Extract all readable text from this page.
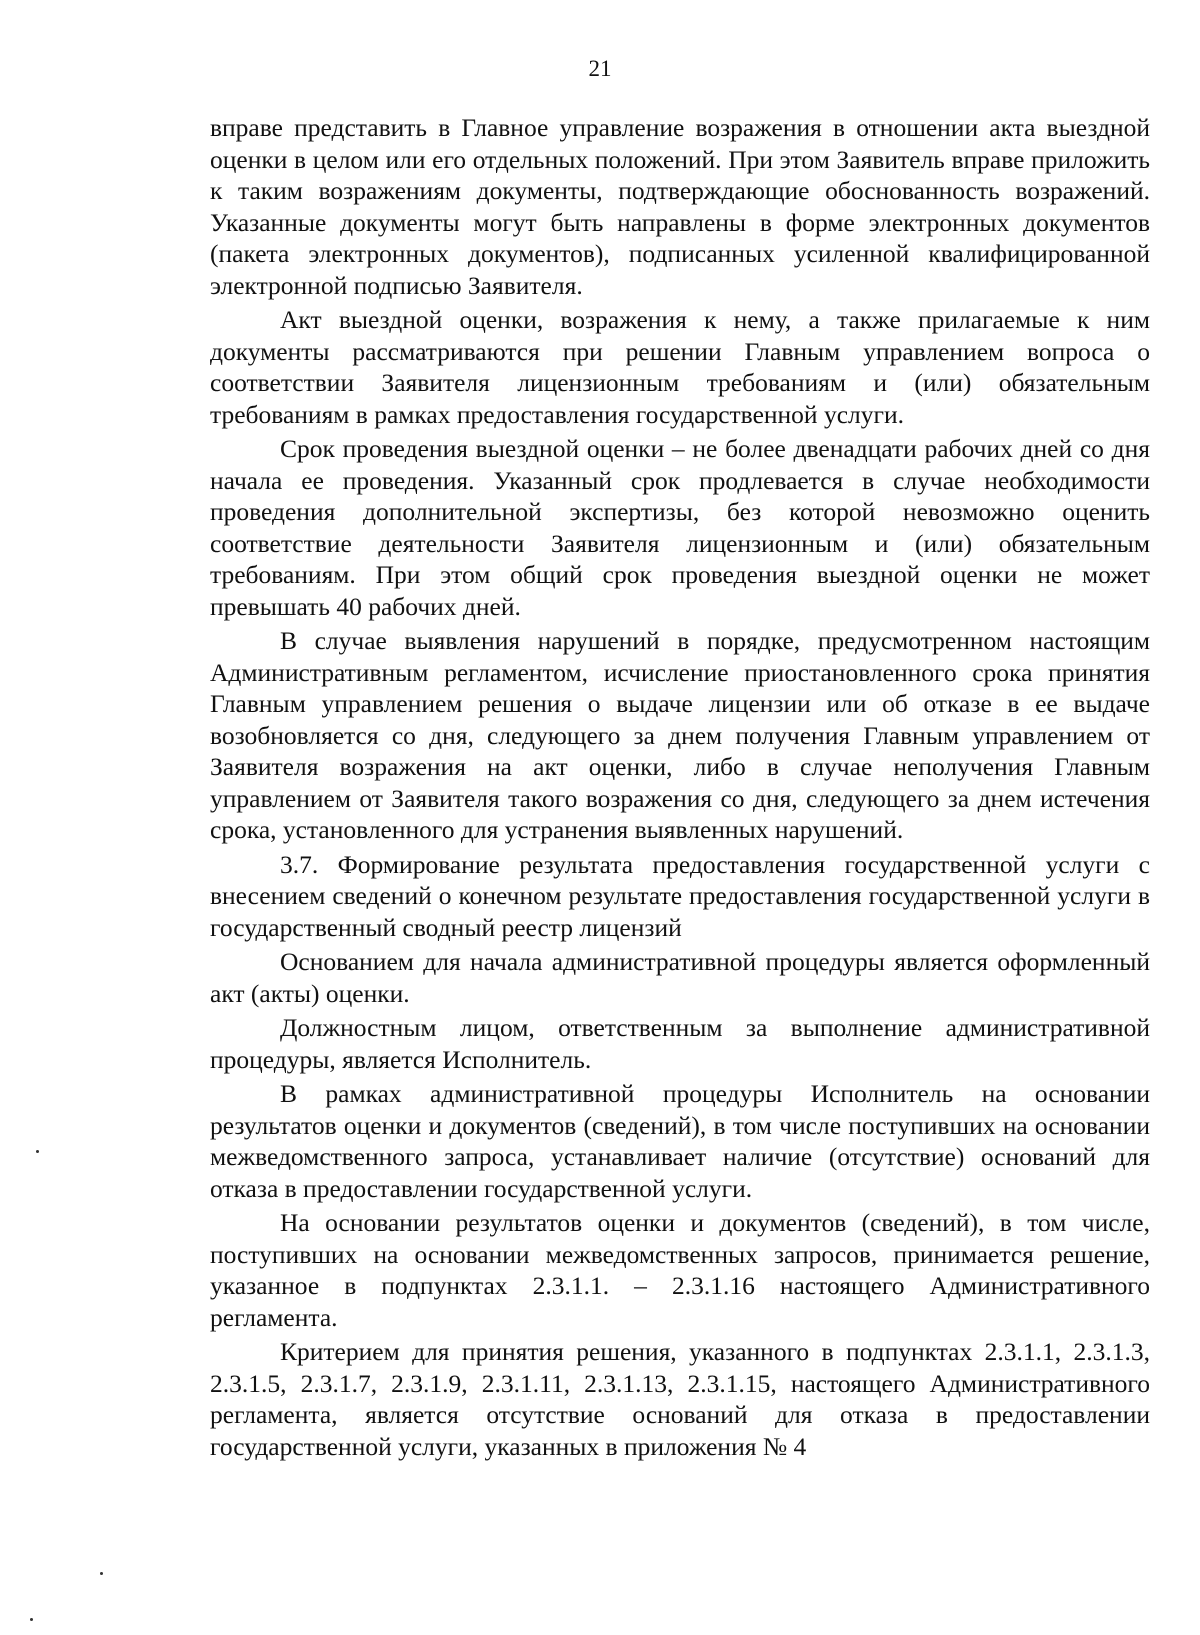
21

вправе представить в Главное управление возражения в отношении акта выездной оценки в целом или его отдельных положений. При этом Заявитель вправе приложить к таким возражениям документы, подтверждающие обоснованность возражений. Указанные документы могут быть направлены в форме электронных документов (пакета электронных документов), подписанных усиленной квалифицированной электронной подписью Заявителя.

Акт выездной оценки, возражения к нему, а также прилагаемые к ним документы рассматриваются при решении Главным управлением вопроса о соответствии Заявителя лицензионным требованиям и (или) обязательным требованиям в рамках предоставления государственной услуги.

Срок проведения выездной оценки – не более двенадцати рабочих дней со дня начала ее проведения. Указанный срок продлевается в случае необходимости проведения дополнительной экспертизы, без которой невозможно оценить соответствие деятельности Заявителя лицензионным и (или) обязательным требованиям. При этом общий срок проведения выездной оценки не может превышать 40 рабочих дней.

В случае выявления нарушений в порядке, предусмотренном настоящим Административным регламентом, исчисление приостановленного срока принятия Главным управлением решения о выдаче лицензии или об отказе в ее выдаче возобновляется со дня, следующего за днем получения Главным управлением от Заявителя возражения на акт оценки, либо в случае неполучения Главным управлением от Заявителя такого возражения со дня, следующего за днем истечения срока, установленного для устранения выявленных нарушений.

3.7. Формирование результата предоставления государственной услуги с внесением сведений о конечном результате предоставления государственной услуги в государственный сводный реестр лицензий

Основанием для начала административной процедуры является оформленный акт (акты) оценки.

Должностным лицом, ответственным за выполнение административной процедуры, является Исполнитель.

В рамках административной процедуры Исполнитель на основании результатов оценки и документов (сведений), в том числе поступивших на основании межведомственного запроса, устанавливает наличие (отсутствие) оснований для отказа в предоставлении государственной услуги.

На основании результатов оценки и документов (сведений), в том числе, поступивших на основании межведомственных запросов, принимается решение, указанное в подпунктах 2.3.1.1. – 2.3.1.16 настоящего Административного регламента.

Критерием для принятия решения, указанного в подпунктах 2.3.1.1, 2.3.1.3, 2.3.1.5, 2.3.1.7, 2.3.1.9, 2.3.1.11, 2.3.1.13, 2.3.1.15, настоящего Административного регламента, является отсутствие оснований для отказа в предоставлении государственной услуги, указанных в приложения № 4
